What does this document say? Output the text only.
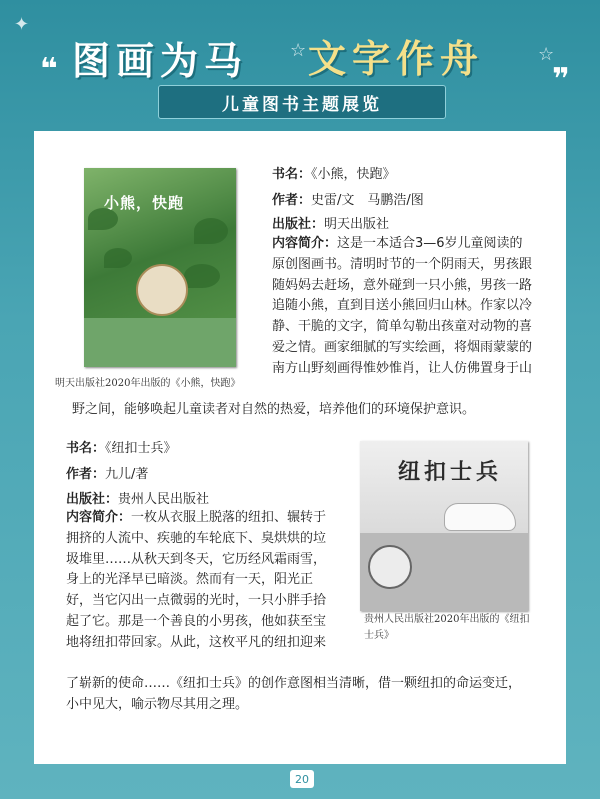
❝
✦
☆	☆
图画为马 文字作舟 ❞
儿童图书主题展览
小熊，快跑
明天出版社2020年出版的《小熊，快跑》
书名：《小熊，快跑》
作者：史雷/文　马鹏浩/图
出版社：明天出版社
内容简介：这是一本适合3—6岁儿童阅读的
原创图画书。清明时节的一个阴雨天，男孩跟
随妈妈去赶场，意外碰到一只小熊，男孩一路
追随小熊，直到目送小熊回归山林。作家以冷
静、干脆的文字，简单勾勒出孩童对动物的喜
爱之情。画家细腻的写实绘画，将烟雨蒙蒙的
南方山野刻画得惟妙惟肖，让人仿佛置身于山
野之间，能够唤起儿童读者对自然的热爱，培养他们的环境保护意识。
书名：《纽扣士兵》
作者：九儿/著
出版社：贵州人民出版社
内容简介：一枚从衣服上脱落的纽扣、辗转于
拥挤的人流中、疾驰的车轮底下、臭烘烘的垃
圾堆里……从秋天到冬天，它历经风霜雨雪，
身上的光泽早已暗淡。然而有一天，阳光正
好，当它闪出一点微弱的光时，一只小胖手拾
起了它。那是一个善良的小男孩，他如获至宝
地将纽扣带回家。从此，这枚平凡的纽扣迎来
了崭新的使命……《纽扣士兵》的创作意图相当清晰，借一颗纽扣的命运变迁，
小中见大，喻示物尽其用之理。
纽扣士兵
贵州人民出版社2020年出版的《纽扣士兵》
20
